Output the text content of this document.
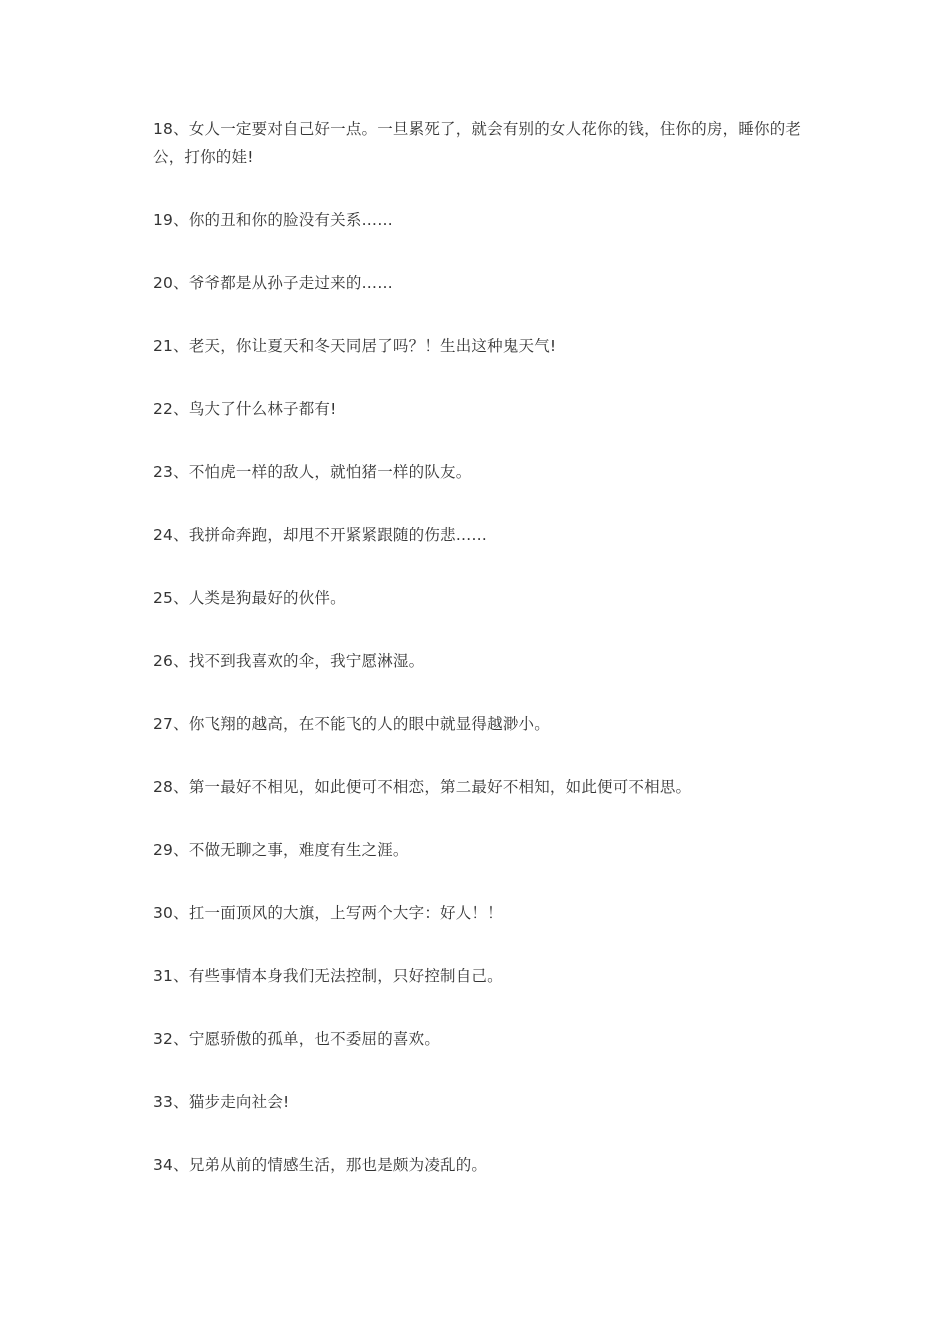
18、女人一定要对自己好一点。一旦累死了，就会有别的女人花你的钱，住你的房，睡你的老公，打你的娃!

19、你的丑和你的脸没有关系……

20、爷爷都是从孙子走过来的……

21、老天，你让夏天和冬天同居了吗？！生出这种鬼天气!

22、鸟大了什么林子都有!

23、不怕虎一样的敌人，就怕猪一样的队友。

24、我拼命奔跑，却甩不开紧紧跟随的伤悲……

25、人类是狗最好的伙伴。

26、找不到我喜欢的伞，我宁愿淋湿。

27、你飞翔的越高，在不能飞的人的眼中就显得越渺小。

28、第一最好不相见，如此便可不相恋，第二最好不相知，如此便可不相思。

29、不做无聊之事，难度有生之涯。

30、扛一面顶风的大旗，上写两个大字：好人！！

31、有些事情本身我们无法控制，只好控制自己。

32、宁愿骄傲的孤单，也不委屈的喜欢。

33、猫步走向社会!

34、兄弟从前的情感生活，那也是颇为凌乱的。
